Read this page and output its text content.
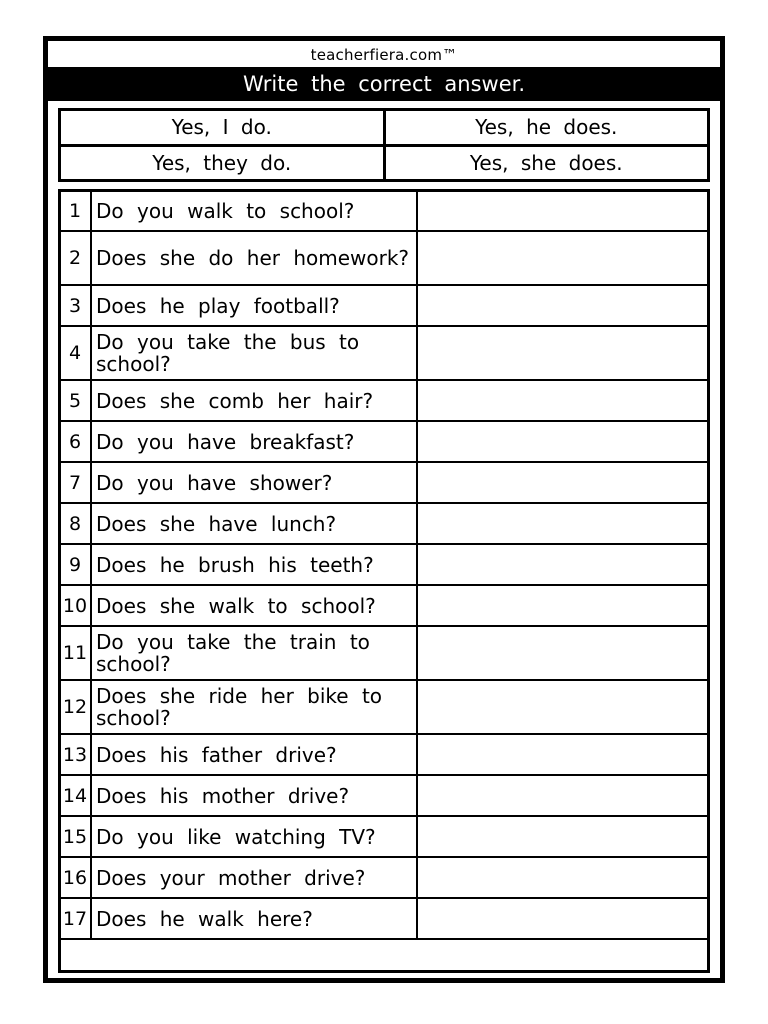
teacherfiera.com™
Write the correct answer.
Yes, I do.	Yes, he does.
Yes, they do.	Yes, she does.
1	Do you walk to school?	
2	Does she do her homework?	
3	Does he play football?	
4	Do you take the bus to school?	
5	Does she comb her hair?	
6	Do you have breakfast?	
7	Do you have shower?	
8	Does she have lunch?	
9	Does he brush his teeth?	
10	Does she walk to school?	
11	Do you take the train to school?	
12	Does she ride her bike to school?	
13	Does his father drive?	
14	Does his mother drive?	
15	Do you like watching TV?	
16	Does your mother drive?	
17	Does he walk here?	
